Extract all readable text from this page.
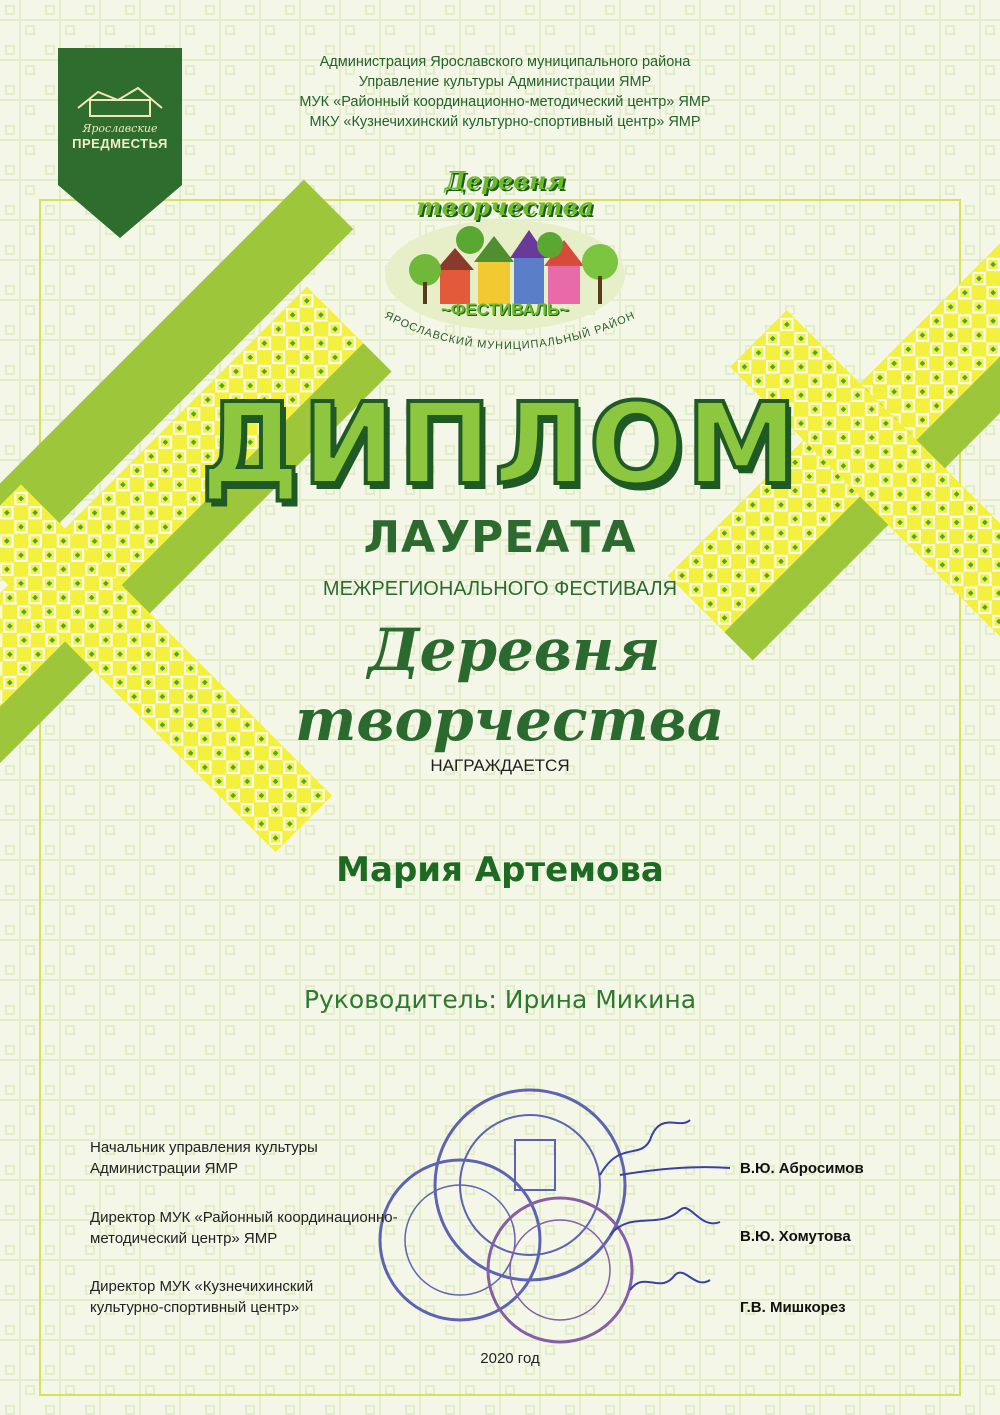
Ярославские
ПРЕДМЕСТЬЯ
Администрация Ярославского муниципального района
Управление культуры Администрации ЯМР
МУК «Районный координационно-методический центр» ЯМР
МКУ «Кузнечихинский культурно-спортивный центр» ЯМР
Деревня
творчества
~ФЕСТИВАЛЬ~
ЯРОСЛАВСКИЙ МУНИЦИПАЛЬНЫЙ РАЙОН
ДИПЛОМ
ЛАУРЕАТА
МЕЖРЕГИОНАЛЬНОГО ФЕСТИВАЛЯ
Деревня
творчества
НАГРАЖДАЕТСЯ
Мария Артемова
Руководитель: Ирина Микина
Начальник управления культуры
Администрации ЯМР	В.Ю. Абросимов
Директор МУК «Районный координационно-
методический центр» ЯМР	В.Ю. Хомутова
Директор МУК «Кузнечихинский
культурно-спортивный центр»	Г.В. Мишкорез
2020 год
